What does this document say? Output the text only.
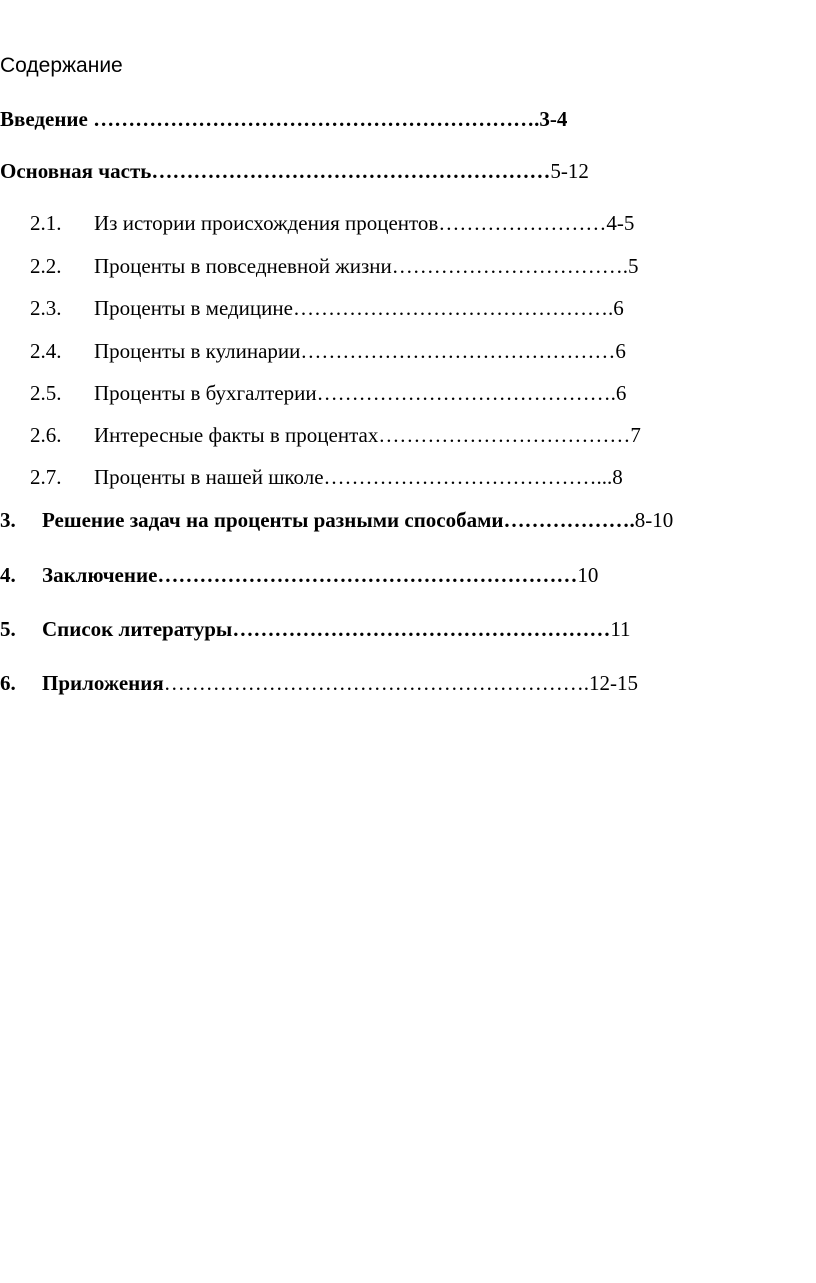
Содержание
Введение ……………………………………………………….3-4
Основная часть…………………………………………………5-12
2.1. Из истории происхождения процентов……………………4-5
2.2. Проценты в повседневной жизни…………………………….5
2.3. Проценты в медицине……………………………………….6
2.4. Проценты в кулинарии………………………………………6
2.5. Проценты в бухгалтерии…………………………………….6
2.6. Интересные факты в процентах………………………………7
2.7. Проценты в нашей школе…………………………………...8
3. Решение задач на проценты разными способами……………….8-10
4. Заключение……………………………………………………10
5. Список литературы………………………………………………11
6. Приложения…………………………………………………….12-15
